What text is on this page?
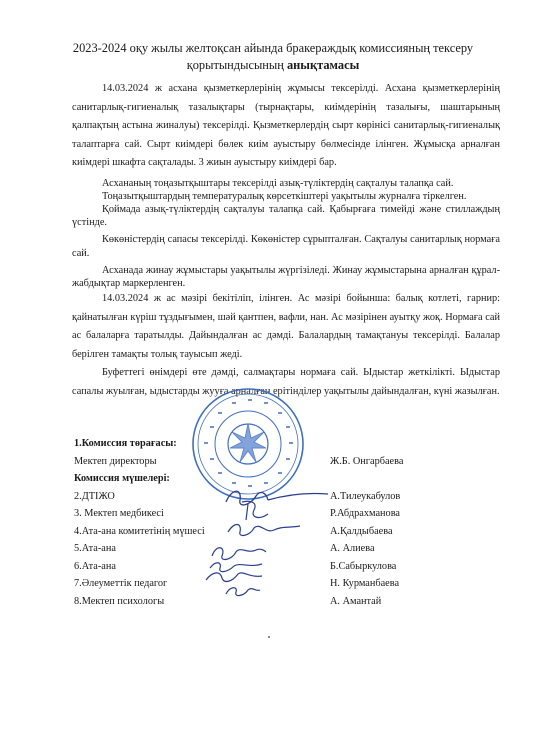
2023-2024 оқу жылы желтоқсан айында бракераждық комиссияның тексеру
қорытындысының анықтамасы

14.03.2024 ж асхана қызметкерлерінің жұмысы тексерілді. Асхана қызметкерлерінің санитарлық-гигиеналық тазалықтары (тырнақтары, киімдерінің тазалығы, шаштарының қалпақтың астына жиналуы) тексерілді. Қызметкерлердің сырт көрінісі санитарлық-гигиеналық талаптарға сай. Сырт киімдері бөлек киім ауыстыру бөлмесінде ілінген. Жұмысқа арналған киімдері шкафта сақталады. 3 жиын ауыстыру киімдері бар.

Асхананың тоңазытқыштары тексерілді азық-түліктердің сақталуы талапқа сай.

Тоңазытқыштардың температуралық көрсеткіштері уақытылы журналға тіркелген.

Қоймада азық-түліктердің сақталуы талапқа сай. Қабырғаға тимейді және стиллаждың үстінде.

Көкөністердің сапасы тексерілді. Көкөністер сұрыпталған. Сақталуы санитарлық нормаға сай.

Асханада жинау жұмыстары уақытылы жүргізіледі. Жинау жұмыстарына арналған құрал-жабдықтар маркерленген.

14.03.2024 ж ас мәзірі бекітіліп, ілінген. Ас мәзірі бойынша: балық котлеті, гарнир: қайнатылған күріш тұздығымен, шәй қантпен, вафли, нан. Ас мәзірінен ауытқу жоқ. Нормаға сай ас балаларға таратылды. Дайындалған ас дәмді. Балалардың тамақтануы тексерілді. Балалар берілген тамақты толық тауысып жеді.

Буфеттегі өнімдері өте дәмді, салмақтары нормаға сай. Ыдыстар жеткілікті. Ыдыстар сапалы жуылған, ыдыстарды жууға арналған ерітінділер уақытылы дайындалған, күні жазылған.

1.Комиссия төрағасы:
Мектеп директоры	Ж.Б. Онгарбаева
Комиссия мүшелері:
2.ДТІЖО	А.Тилеукабулов
3. Мектеп медбикесі	Р.Абдрахманова
4.Ата-ана комитетінің мүшесі	А.Қалдыбаева
5.Ата-ана	А. Алиева
6.Ата-ана	Б.Сабыркулова
7.Әлеуметтік педагог	Н. Курманбаева
8.Мектеп психологы	А. Амантай
